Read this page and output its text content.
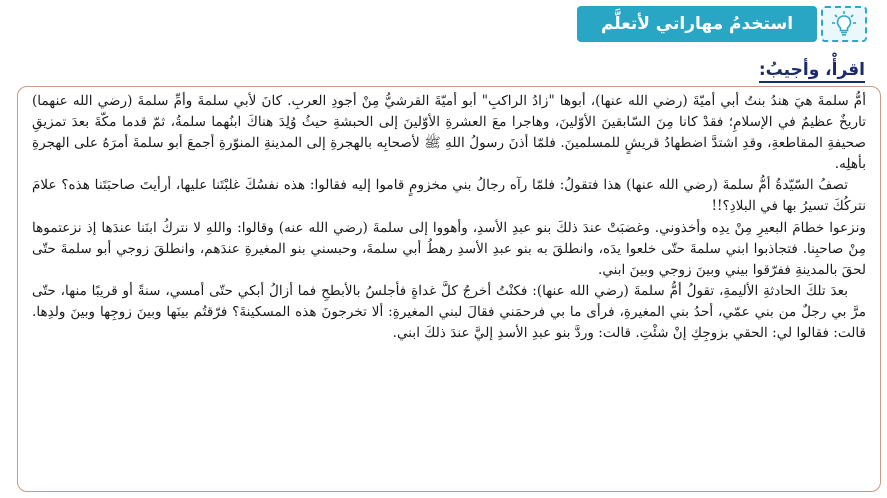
استخدمُ مهاراتي لأتعلَّم
اقرأْ، وأجيبُ:

أمُّ سلمةَ هيَ هندُ بنتُ أبي أميّةَ (رضي الله عنها)، أبوها "زادُ الراكبِ" أبو أميّةَ القرشيُّ مِنْ أجودِ العربِ. كانَ لأبي سلمةَ وأمِّ سلمةَ (رضي الله عنهما) تاريخٌ عظيمٌ في الإسلامِ؛ فقدْ كانا مِنَ السّابقينَ الأوّلينَ، وهاجرا معَ العشرةِ الأوّلينَ إلى الحبشةِ حيثُ وُلِدَ هناكَ ابنُهما سلمةُ، ثمّ قدما مكّةَ بعدَ تمزيقِ صحيفةِ المقاطعةِ، وقدِ اشتدَّ اضطهادُ قريشٍ للمسلمينَ. فلمّا أذنَ رسولُ اللهِ ﷺ لأصحابِه بالهجرةِ إلى المدينةِ المنوّرةِ أجمعَ أبو سلمةَ أمرَهُ على الهجرةِ بأهلِه.

تصفُ السّيّدةُ أمُّ سلمةَ (رضي الله عنها) هذا فتقولُ: فلمّا رآه رجالُ بني مخزومٍ قاموا إليه فقالوا: هذه نفسُكَ غلبْتَنا عليها، أرأيتَ صاحبَتَنا هذه؟ علامَ نتركُكَ تسيرُ بها في البلادِ؟!!

ونزعوا خطامَ البعيرِ مِنْ يدِه وأخذوني. وغضبَتْ عندَ ذلكَ بنو عبدِ الأسدِ، وأهووا إلى سلمةَ (رضي الله عنه) وقالوا: واللهِ لا نتركُ ابنَنا عندَها إذ نزعتموها مِنْ صاحبِنا. فتجاذبوا ابني سلمةَ حتّى خلعوا يدَه، وانطلقَ به بنو عبدِ الأسدِ رهطُ أبي سلمةَ، وحبسني بنو المغيرةِ عندَهم، وانطلقَ زوجي أبو سلمةَ حتّى لحقَ بالمدينةِ ففرّقوا بيني وبينَ زوجي وبينَ ابني.

بعدَ تلكَ الحادثةِ الأليمةِ، تقولُ أمُّ سلمةَ (رضي الله عنها): فكنْتُ أخرجُ كلَّ غداةٍ فأجلسُ بالأبطحِ فما أزالُ أبكي حتّى أمسي، سنةً أو قريبًا منها، حتّى مرَّ بي رجلٌ من بني عمّي، أحدُ بني المغيرةِ، فرأى ما بي فرحمَني فقالَ لبني المغيرةِ: ألا تخرجونَ هذه المسكينةَ؟ فرّقتُم بينَها وبينَ زوجِها وبينَ ولدِها. قالت: فقالوا لي: الحقي بزوجِكِ إنْ شئْتِ. قالت: وردَّ بنو عبدِ الأسدِ إليَّ عندَ ذلكَ ابني.
